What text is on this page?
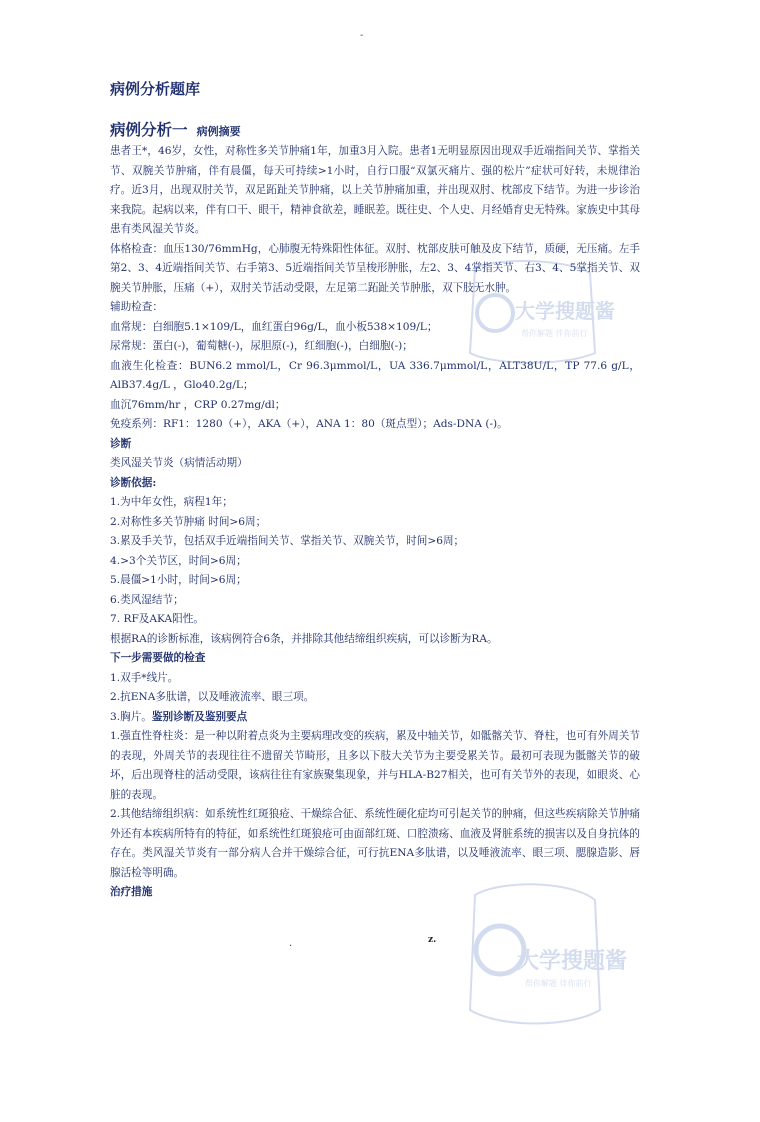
-
病例分析题库
病例分析一 病例摘要

患者王*，46岁，女性，对称性多关节肿痛1年，加重3月入院。患者1无明显原因出现双手近端指间关节、掌指关节、双腕关节肿痛，伴有晨僵，每天可持续>1小时，自行口服“双氯灭痛片、强的松片”症状可好转，未规律治疗。近3月，出现双肘关节，双足跖趾关节肿痛，以上关节肿痛加重，并出现双肘、枕部皮下结节。为进一步诊治来我院。起病以来，伴有口干、眼干，精神食欲差，睡眠差。既往史、个人史、月经婚育史无特殊。家族史中其母患有类风湿关节炎。

体格检查：血压130/76mmHg，心肺腹无特殊阳性体征。双肘、枕部皮肤可触及皮下结节，质硬，无压痛。左手第2、3、4近端指间关节、右手第3、5近端指间关节呈梭形肿胀，左2、3、4掌指关节、右3、4、5掌指关节、双腕关节肿胀，压痛（+），双肘关节活动受限，左足第二跖趾关节肿胀，双下肢无水肿。

辅助检查：

血常规：白细胞5.1×109/L，血红蛋白96g/L，血小板538×109/L；

尿常规：蛋白(-)，葡萄糖(-)，尿胆原(-)，红细胞(-)，白细胞(-)；

血液生化检查：BUN6.2 mmol/L，Cr 96.3μmmol/L，UA 336.7μmmol/L，ALT38U/L，TP 77.6 g/L，AlB37.4g/L ，Glo40.2g/L；

血沉76mm/hr ，CRP 0.27mg/dl；

免疫系列：RF1：1280（+），AKA（+），ANA 1：80（斑点型）；Ads-DNA (-)。

诊断

类风湿关节炎（病情活动期）

诊断依据:

1.为中年女性，病程1年；

2.对称性多关节肿痛 时间>6周；

3.累及手关节，包括双手近端指间关节、掌指关节、双腕关节，时间>6周；

4.>3个关节区，时间>6周；

5.晨僵>1小时，时间>6周；

6.类风湿结节；

7. RF及AKA阳性。

根据RA的诊断标准，该病例符合6条，并排除其他结缔组织疾病，可以诊断为RA。

下一步需要做的检查

1.双手*线片。

2.抗ENA多肽谱，以及唾液流率、眼三项。

3.胸片。鉴别诊断及鉴别要点

1.强直性脊柱炎：是一种以附着点炎为主要病理改变的疾病，累及中轴关节，如骶髂关节、脊柱，也可有外周关节的表现，外周关节的表现往往不遗留关节畸形，且多以下肢大关节为主要受累关节。最初可表现为骶髂关节的破坏，后出现脊柱的活动受限，该病往往有家族聚集现象，并与HLA-B27相关，也可有关节外的表现，如眼炎、心脏的表现。

2.其他结缔组织病：如系统性红斑狼疮、干燥综合征、系统性硬化症均可引起关节的肿痛，但这些疾病除关节肿痛外还有本疾病所特有的特征，如系统性红斑狼疮可由面部红斑、口腔溃疡、血液及肾脏系统的损害以及自身抗体的存在。类风湿关节炎有一部分病人合并干燥综合征，可行抗ENA多肽谱，以及唾液流率、眼三项、腮腺造影、唇腺活检等明确。

治疗措施

.	z.
大学搜题酱
帮你解题 伴你前行
大学搜题酱
帮你解题 伴你前行
